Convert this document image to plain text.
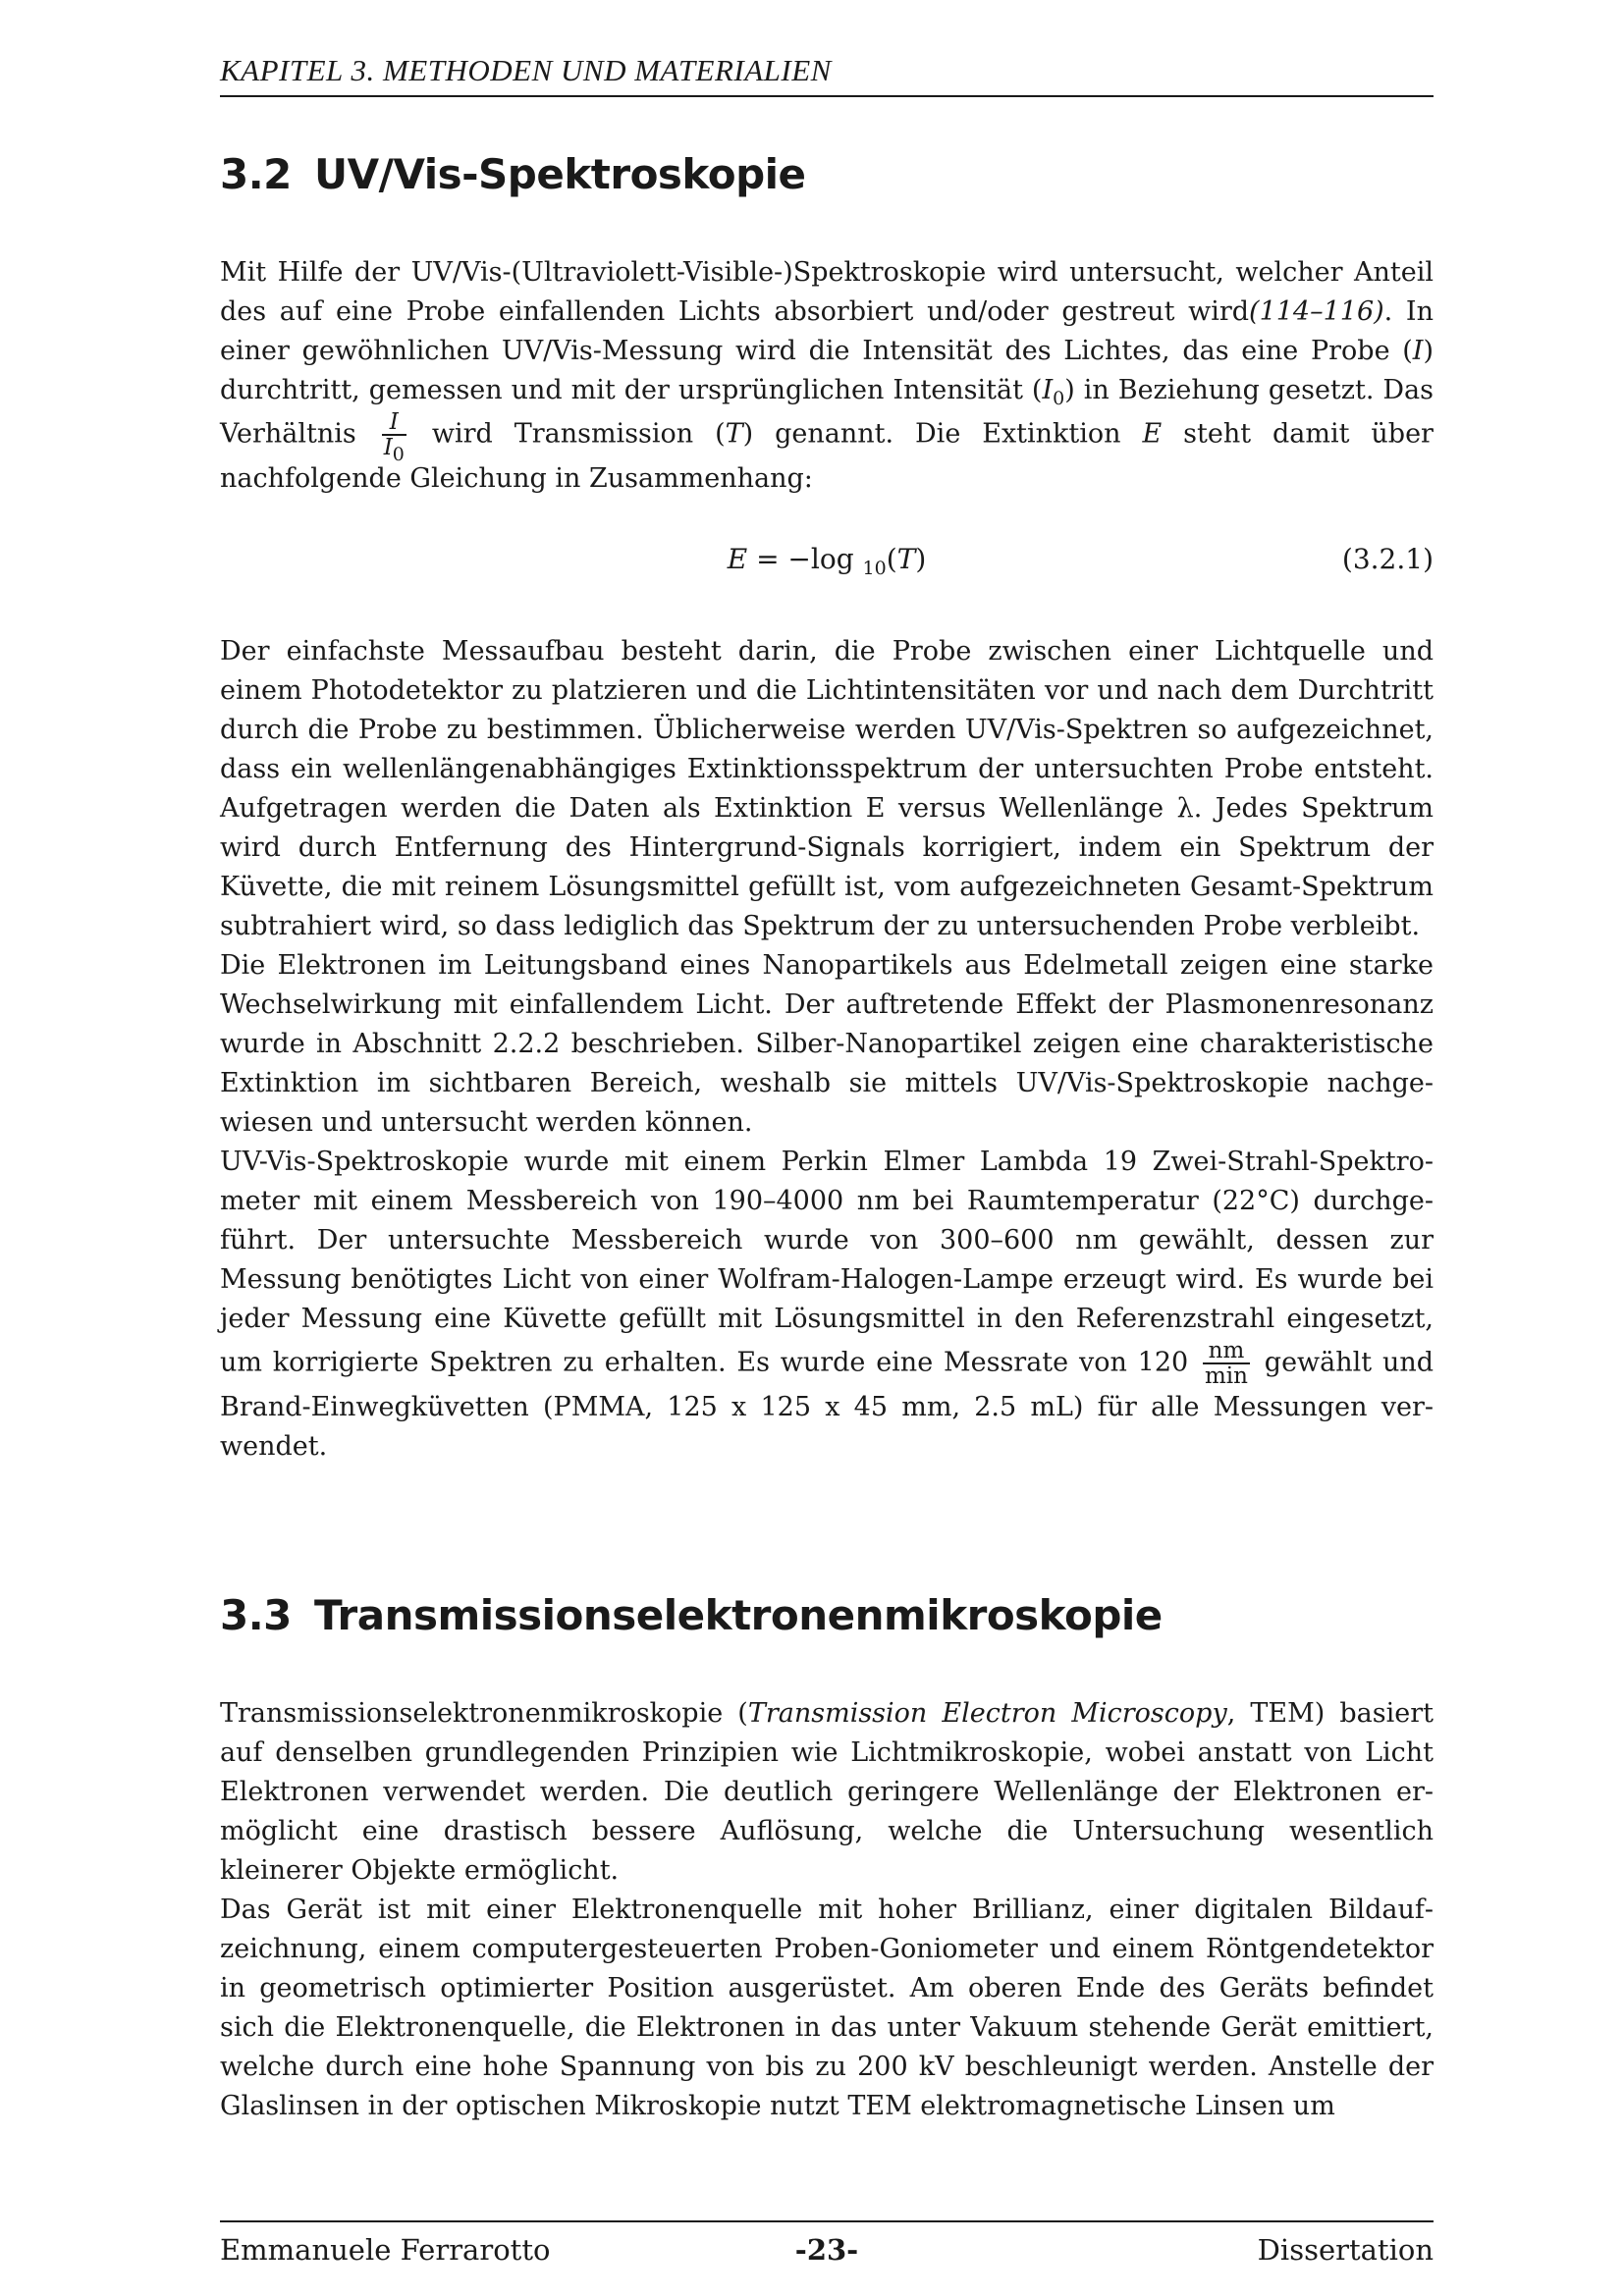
KAPITEL 3. METHODEN UND MATERIALIEN
3.2 UV/Vis-Spektroskopie

Mit Hilfe der UV/Vis-(Ultraviolett-Visible-)Spektroskopie wird untersucht, welcher Anteil des auf eine Probe einfallenden Lichts absorbiert und/oder gestreut wird(114–116). In einer gewöhnlichen UV/Vis-Messung wird die Intensität des Lichtes, das eine Probe (I) durchtritt, gemessen und mit der ursprünglichen Intensität $(I_0)$ in Beziehung gesetzt. Das Verhältnis $\frac{I}{I_0}$ wird Transmission (T) genannt. Die Extinktion E steht damit über nachfolgende Gleichung in Zusammenhang:

E = −log $_{10}$(T)	(3.2.1)

Der einfachste Messaufbau besteht darin, die Probe zwischen einer Lichtquelle und einem Photodetektor zu platzieren und die Lichtintensitäten vor und nach dem Durchtritt durch die Probe zu bestimmen. Üblicherweise werden UV/Vis-Spektren so aufgezeichnet, dass ein wellenlängenabhängiges Extinktionsspektrum der untersuchten Probe entsteht. Aufgetragen werden die Daten als Extinktion E versus Wellenlänge λ. Jedes Spektrum wird durch Entfernung des Hintergrund-Signals korrigiert, indem ein Spektrum der Küvette, die mit reinem Lösungsmittel gefüllt ist, vom aufgezeichneten Gesamt-Spektrum subtrahiert wird, so dass lediglich das Spektrum der zu untersuchenden Probe verbleibt.

Die Elektronen im Leitungsband eines Nanopartikels aus Edelmetall zeigen eine starke Wechselwirkung mit einfallendem Licht. Der auftretende Effekt der Plasmonenresonanz wurde in Abschnitt 2.2.2 beschrieben. Silber-Nanopartikel zeigen eine charakteristische Extinktion im sichtbaren Bereich, weshalb sie mittels UV/Vis-Spektroskopie nachgewiesen und untersucht werden können.

UV-Vis-Spektroskopie wurde mit einem Perkin Elmer Lambda 19 Zwei-Strahl-Spektrometer mit einem Messbereich von 190–4000 nm bei Raumtemperatur (22°C) durchgeführt. Der untersuchte Messbereich wurde von 300–600 nm gewählt, dessen zur Messung benötigtes Licht von einer Wolfram-Halogen-Lampe erzeugt wird. Es wurde bei jeder Messung eine Küvette gefüllt mit Lösungsmittel in den Referenzstrahl eingesetzt, um korrigierte Spektren zu erhalten. Es wurde eine Messrate von $120 \frac{nm}{\min}$ gewählt und Brand-Einwegküvetten (PMMA, 125 x 125 x 45 mm, 2.5 mL) für alle Messungen verwendet.

3.3 Transmissionselektronenmikroskopie

Transmissionselektronenmikroskopie (Transmission Electron Microscopy, TEM) basiert auf denselben grundlegenden Prinzipien wie Lichtmikroskopie, wobei anstatt von Licht Elektronen verwendet werden. Die deutlich geringere Wellenlänge der Elektronen ermöglicht eine drastisch bessere Auflösung, welche die Untersuchung wesentlich kleinerer Objekte ermöglicht.

Das Gerät ist mit einer Elektronenquelle mit hoher Brillianz, einer digitalen Bildaufzeichnung, einem computergesteuerten Proben-Goniometer und einem Röntgendetektor in geometrisch optimierter Position ausgerüstet. Am oberen Ende des Geräts befindet sich die Elektronenquelle, die Elektronen in das unter Vakuum stehende Gerät emittiert, welche durch eine hohe Spannung von bis zu 200 kV beschleunigt werden. Anstelle der Glaslinsen in der optischen Mikroskopie nutzt TEM elektromagnetische Linsen um

Emmanuele Ferrarotto	-23-	Dissertation
